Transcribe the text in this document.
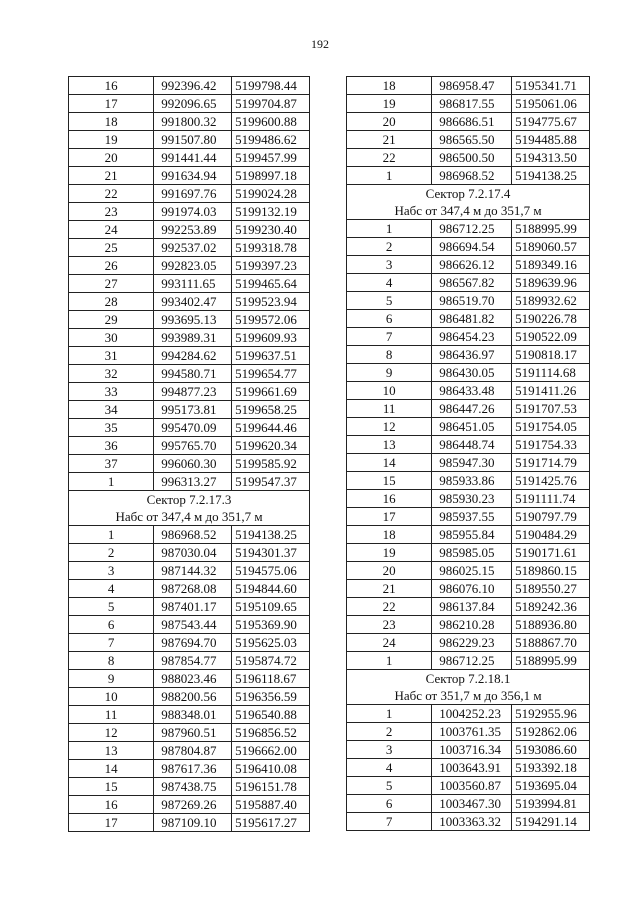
192
16	992396.42	5199798.44
17	992096.65	5199704.87
18	991800.32	5199600.88
19	991507.80	5199486.62
20	991441.44	5199457.99
21	991634.94	5198997.18
22	991697.76	5199024.28
23	991974.03	5199132.19
24	992253.89	5199230.40
25	992537.02	5199318.78
26	992823.05	5199397.23
27	993111.65	5199465.64
28	993402.47	5199523.94
29	993695.13	5199572.06
30	993989.31	5199609.93
31	994284.62	5199637.51
32	994580.71	5199654.77
33	994877.23	5199661.69
34	995173.81	5199658.25
35	995470.09	5199644.46
36	995765.70	5199620.34
37	996060.30	5199585.92
1	996313.27	5199547.37
Сектор 7.2.17.3		
Набс от 347,4 м до 351,7 м		
1	986968.52	5194138.25
2	987030.04	5194301.37
3	987144.32	5194575.06
4	987268.08	5194844.60
5	987401.17	5195109.65
6	987543.44	5195369.90
7	987694.70	5195625.03
8	987854.77	5195874.72
9	988023.46	5196118.67
10	988200.56	5196356.59
11	988348.01	5196540.88
12	987960.51	5196856.52
13	987804.87	5196662.00
14	987617.36	5196410.08
15	987438.75	5196151.78
16	987269.26	5195887.40
17	987109.10	5195617.27
18	986958.47	5195341.71
19	986817.55	5195061.06
20	986686.51	5194775.67
21	986565.50	5194485.88
22	986500.50	5194313.50
1	986968.52	5194138.25
Сектор 7.2.17.4		
Набс от 347,4 м до 351,7 м		
1	986712.25	5188995.99
2	986694.54	5189060.57
3	986626.12	5189349.16
4	986567.82	5189639.96
5	986519.70	5189932.62
6	986481.82	5190226.78
7	986454.23	5190522.09
8	986436.97	5190818.17
9	986430.05	5191114.68
10	986433.48	5191411.26
11	986447.26	5191707.53
12	986451.05	5191754.05
13	986448.74	5191754.33
14	985947.30	5191714.79
15	985933.86	5191425.76
16	985930.23	5191111.74
17	985937.55	5190797.79
18	985955.84	5190484.29
19	985985.05	5190171.61
20	986025.15	5189860.15
21	986076.10	5189550.27
22	986137.84	5189242.36
23	986210.28	5188936.80
24	986229.23	5188867.70
1	986712.25	5188995.99
Сектор 7.2.18.1		
Набс от 351,7 м до 356,1 м		
1	1004252.23	5192955.96
2	1003761.35	5192862.06
3	1003716.34	5193086.60
4	1003643.91	5193392.18
5	1003560.87	5193695.04
6	1003467.30	5193994.81
7	1003363.32	5194291.14
